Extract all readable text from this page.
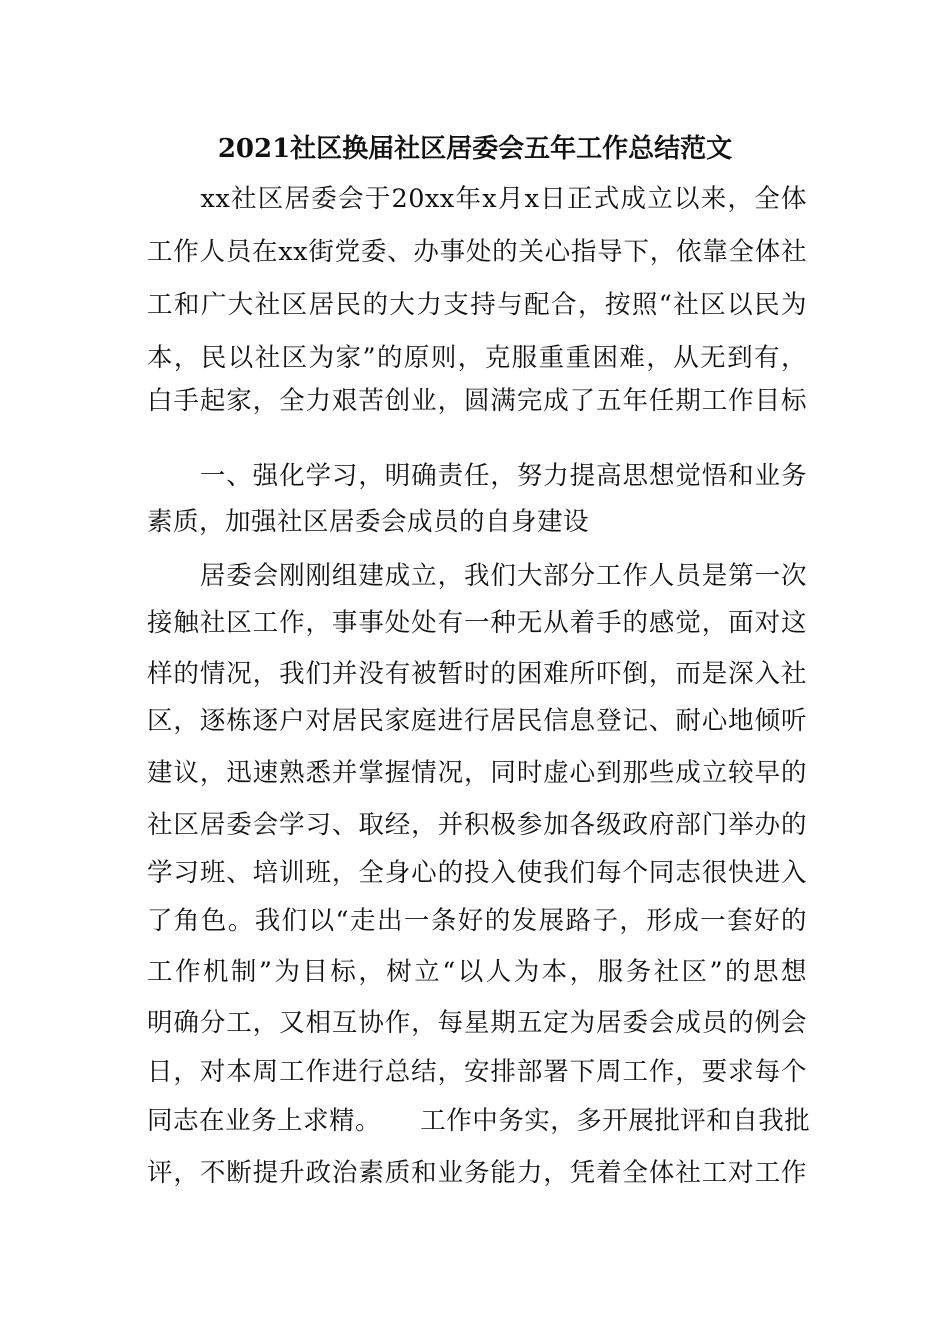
2021社区换届社区居委会五年工作总结范文
　　xx社区居委会于20xx年x月x日正式成立以来，全体
工作人员在xx街党委、办事处的关心指导下，依靠全体社
工和广大社区居民的大力支持与配合，按照“社区以民为
本，民以社区为家”的原则，克服重重困难，从无到有，
白手起家，全力艰苦创业，圆满完成了五年任期工作目标
　　一、强化学习，明确责任，努力提高思想觉悟和业务
素质，加强社区居委会成员的自身建设
　　居委会刚刚组建成立，我们大部分工作人员是第一次
接触社区工作，事事处处有一种无从着手的感觉，面对这
样的情况，我们并没有被暂时的困难所吓倒，而是深入社
区，逐栋逐户对居民家庭进行居民信息登记、耐心地倾听
建议，迅速熟悉并掌握情况，同时虚心到那些成立较早的
社区居委会学习、取经，并积极参加各级政府部门举办的
学习班、培训班，全身心的投入使我们每个同志很快进入
了角色。我们以“走出一条好的发展路子，形成一套好的
工作机制”为目标，树立“以人为本，服务社区”的思想
明确分工，又相互协作，每星期五定为居委会成员的例会
日，对本周工作进行总结，安排部署下周工作，要求每个
同志在业务上求精。　　工作中务实，多开展批评和自我批
评，不断提升政治素质和业务能力，凭着全体社工对工作
